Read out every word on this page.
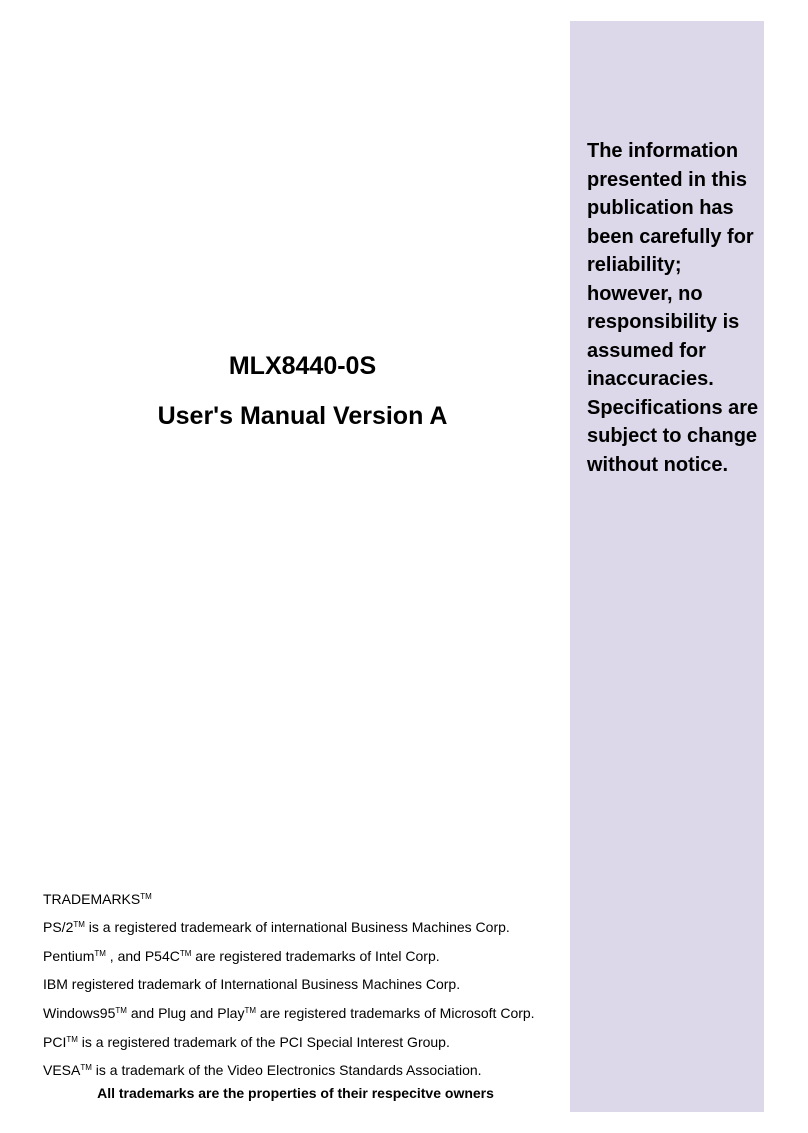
The information
presented in this
publication has
been carefully for
reliability;
however, no
responsibility is
assumed for
inaccuracies.
Specifications are
subject to change
without notice.
MLX8440-0S
User's Manual Version A
TRADEMARKS™
PS/2™ is a registered trademeark of international Business Machines Corp.
Pentium™ , and P54C™ are registered trademarks of Intel Corp.
IBM registered trademark of International Business Machines Corp.
Windows95™ and Plug and Play™ are registered trademarks of Microsoft Corp.
PCI™ is a registered trademark of the PCI Special Interest Group.
VESA™ is a trademark of the Video Electronics Standards Association.
All trademarks are the properties of their respecitve owners
